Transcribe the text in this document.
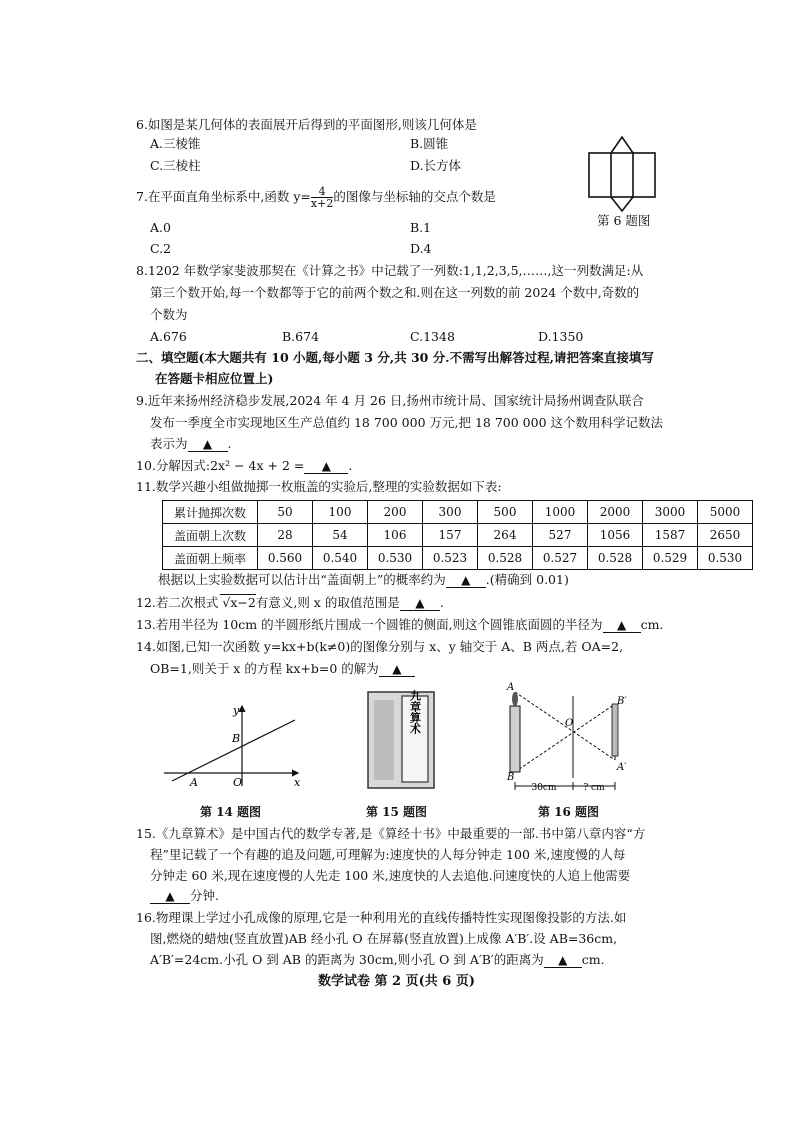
6.如图是某几何体的表面展开后得到的平面图形,则该几何体是
A.三棱锥	B.圆锥
C.三棱柱	D.长方体
第 6 题图
7.在平面直角坐标系中,函数 $y= \frac{4}{x+2}$ 的图像与坐标轴的交点个数是
A.0	B.1
C.2	D.4
8.1202 年数学家斐波那契在《计算之书》中记载了一列数:1,1,2,3,5,……,这一列数满足:从
第三个数开始,每一个数都等于它的前两个数之和.则在这一列数的前 2024 个数中,奇数的
个数为
A.676	B.674	C.1348	D.1350
二、填空题(本大题共有 10 小题,每小题 3 分,共 30 分.不需写出解答过程,请把答案直接填写
在答题卡相应位置上)
9.近年来扬州经济稳步发展,2024 年 4 月 26 日,扬州市统计局、国家统计局扬州调查队联合
发布一季度全市实现地区生产总值约 18 700 000 万元,把 18 700 000 这个数用科学记数法
表示为 ▲ .
10.分解因式:2x² − 4x + 2 = ▲ .
11.数学兴趣小组做抛掷一枚瓶盖的实验后,整理的实验数据如下表:
累计抛掷次数	50	100	200	300	500	1000	2000	3000	5000
盖面朝上次数	28	54	106	157	264	527	1056	1587	2650
盖面朝上频率	0.560	0.540	0.530	0.523	0.528	0.527	0.528	0.529	0.530
根据以上实验数据可以估计出“盖面朝上”的概率约为 ▲ .(精确到 0.01)
12.若二次根式 √x−2有意义,则 x 的取值范围是 ▲ .
13.若用半径为 10cm 的半圆形纸片围成一个圆锥的侧面,则这个圆锥底面圆的半径为 ▲ cm.
14.如图,已知一次函数 y=kx+b(k≠0)的图像分别与 x、y 轴交于 A、B 两点,若 OA=2,
OB=1,则关于 x 的方程 kx+b=0 的解为 ▲
y
B
A	O	x
第 14 题图
九章算术
第 15 题图
A
B
O
B′
A′
30cm	? cm
第 16 题图
15.《九章算术》是中国古代的数学专著,是《算经十书》中最重要的一部.书中第八章内容“方
程”里记载了一个有趣的追及问题,可理解为:速度快的人每分钟走 100 米,速度慢的人每
分钟走 60 米,现在速度慢的人先走 100 米,速度快的人去追他.问速度快的人追上他需要
▲ 分钟.
16.物理课上学过小孔成像的原理,它是一种利用光的直线传播特性实现图像投影的方法.如
图,燃烧的蜡烛(竖直放置)AB 经小孔 O 在屏幕(竖直放置)上成像 A′B′.设 AB=36cm,
A′B′=24cm.小孔 O 到 AB 的距离为 30cm,则小孔 O 到 A′B′的距离为 ▲ cm.
数学试卷 第 2 页(共 6 页)
